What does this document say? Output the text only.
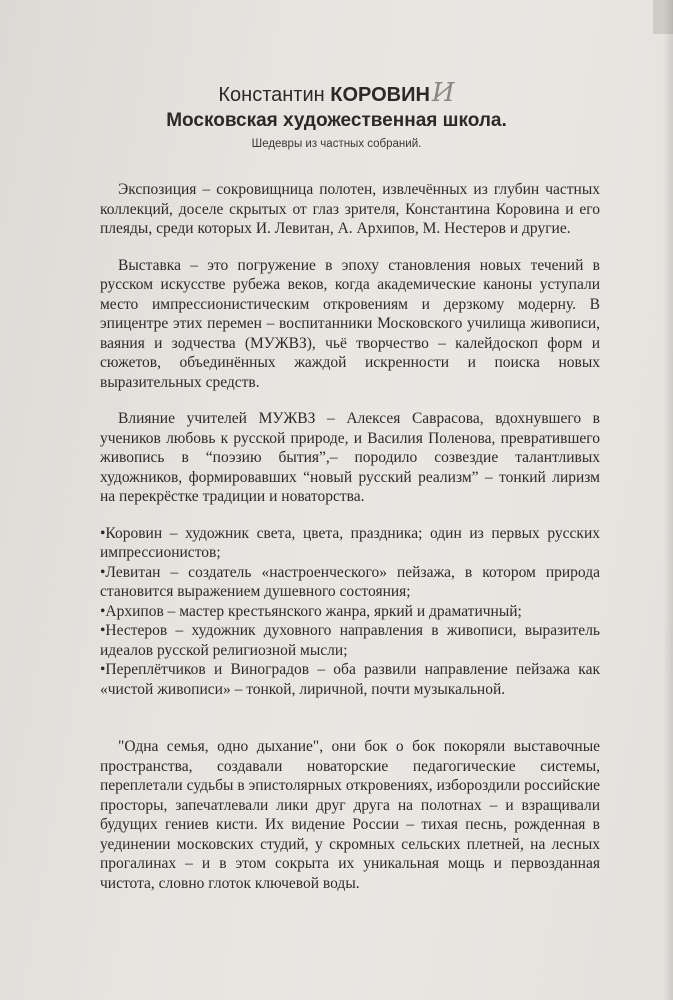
Константин КОРОВИНИ
Московская художественная школа.
Шедевры из частных собраний.

Экспозиция – сокровищница полотен, извлечённых из глубин частных коллекций, доселе скрытых от глаз зрителя, Константина Коровина и его плеяды, среди которых И. Левитан, А. Архипов, М. Нестеров и другие.

Выставка – это погружение в эпоху становления новых течений в русском искусстве рубежа веков, когда академические каноны уступали место импрессионистическим откровениям и дерзкому модерну. В эпицентре этих перемен – воспитанники Московского училища живописи, ваяния и зодчества (МУЖВЗ), чьё творчество – калейдоскоп форм и сюжетов, объединённых жаждой искренности и поиска новых выразительных средств.

Влияние учителей МУЖВЗ – Алексея Саврасова, вдохнувшего в учеников любовь к русской природе, и Василия Поленова, превратившего живопись в “поэзию бытия”,– породило созвездие талантливых художников, формировавших “новый русский реализм” – тонкий лиризм на перекрёстке традиции и новаторства.

•Коровин – художник света, цвета, праздника; один из первых русских импрессионистов;
•Левитан – создатель «настроенческого» пейзажа, в котором природа становится выражением душевного состояния;
•Архипов – мастер крестьянского жанра, яркий и драматичный;
•Нестеров – художник духовного направления в живописи, выразитель идеалов русской религиозной мысли;
•Переплётчиков и Виноградов – оба развили направление пейзажа как «чистой живописи» – тонкой, лиричной, почти музыкальной.

"Одна семья, одно дыхание", они бок о бок покоряли выставочные пространства, создавали новаторские педагогические системы, переплетали судьбы в эпистолярных откровениях, избороздили российские просторы, запечатлевали лики друг друга на полотнах – и взращивали будущих гениев кисти. Их видение России – тихая песнь, рожденная в уединении московских студий, у скромных сельских плетней, на лесных прогалинах – и в этом сокрыта их уникальная мощь и первозданная чистота, словно глоток ключевой воды.
